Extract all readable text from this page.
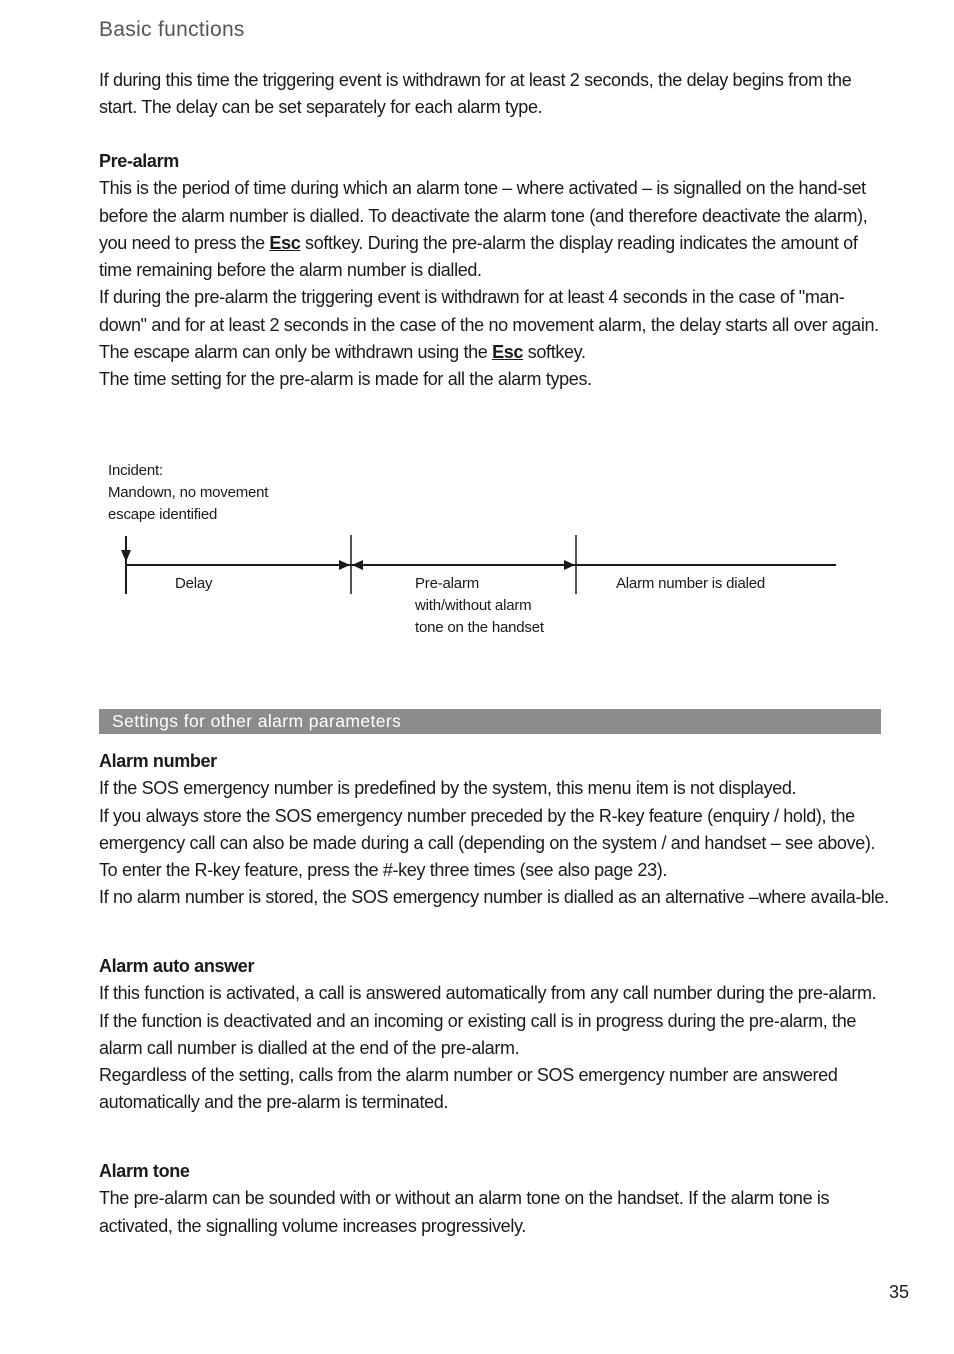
Basic functions

If during this time the triggering event is withdrawn for at least 2 seconds, the delay begins from the start. The delay can be set separately for each alarm type.

Pre-alarm

This is the period of time during which an alarm tone – where activated – is signalled on the hand-set before the alarm number is dialled. To deactivate the alarm tone (and therefore deactivate the alarm), you need to press the Esc softkey. During the pre-alarm the display reading indicates the amount of time remaining before the alarm number is dialled.

If during the pre-alarm the triggering event is withdrawn for at least 4 seconds in the case of "man-down" and for at least 2 seconds in the case of the no movement alarm, the delay starts all over again.

The escape alarm can only be withdrawn using the Esc softkey.

The time setting for the pre-alarm is made for all the alarm types.

Incident:
Mandown, no movement
escape identified
Delay	Pre-alarm
with/without alarm
tone on the handset
Alarm number is dialed
Settings for other alarm parameters

Alarm number

If the SOS emergency number is predefined by the system, this menu item is not displayed.

If you always store the SOS emergency number preceded by the R-key feature (enquiry / hold), the emergency call can also be made during a call (depending on the system / and handset – see above). To enter the R-key feature, press the #-key three times (see also page 23).

If no alarm number is stored, the SOS emergency number is dialled as an alternative –where availa-ble.

Alarm auto answer

If this function is activated, a call is answered automatically from any call number during the pre-alarm.

If the function is deactivated and an incoming or existing call is in progress during the pre-alarm, the alarm call number is dialled at the end of the pre-alarm.

Regardless of the setting, calls from the alarm number or SOS emergency number are answered automatically and the pre-alarm is terminated.

Alarm tone

The pre-alarm can be sounded with or without an alarm tone on the handset. If the alarm tone is activated, the signalling volume increases progressively.

35
